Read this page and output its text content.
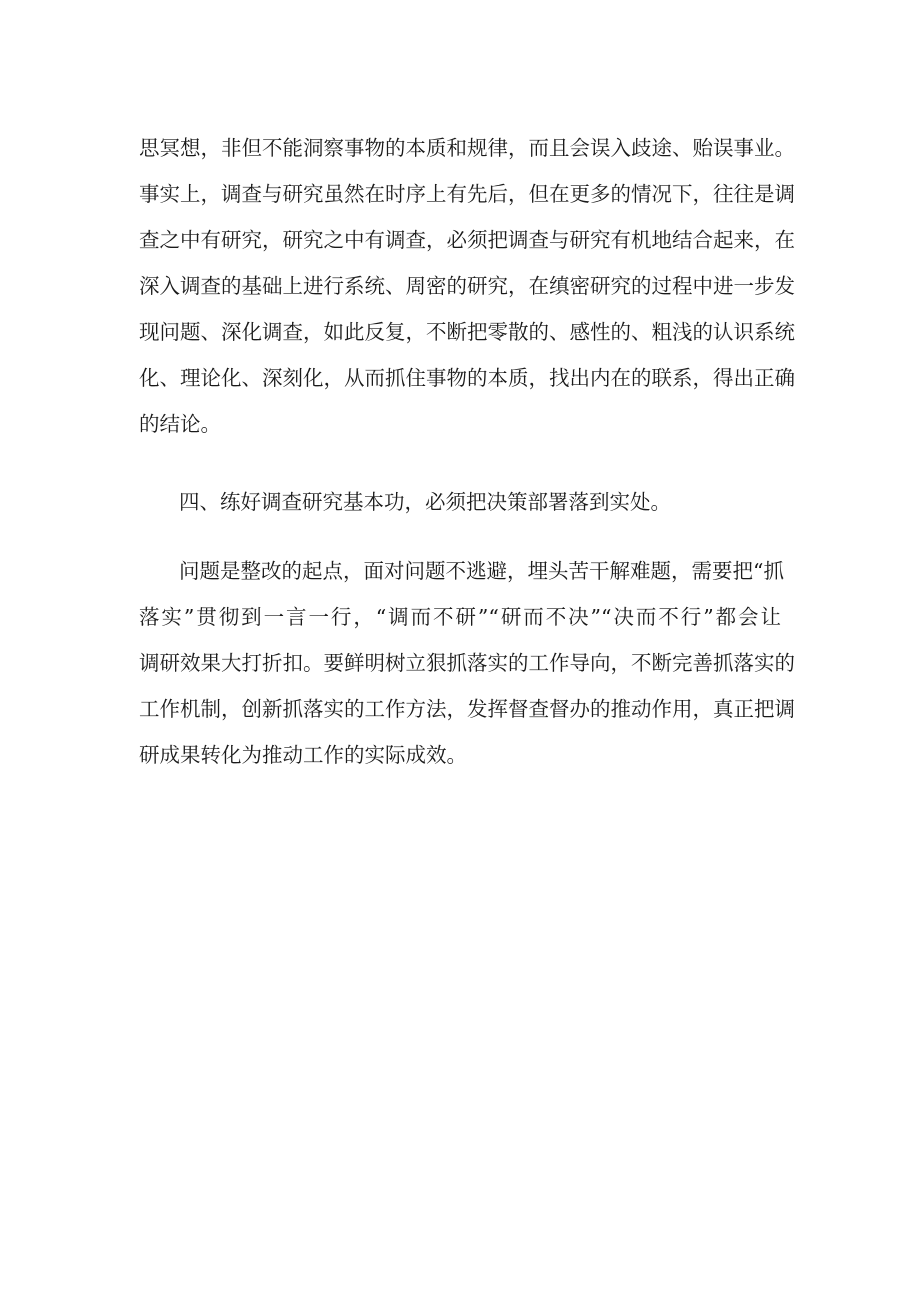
思冥想，非但不能洞察事物的本质和规律，而且会误入歧途、贻误事业。
事实上，调查与研究虽然在时序上有先后，但在更多的情况下，往往是调
查之中有研究，研究之中有调查，必须把调查与研究有机地结合起来，在
深入调查的基础上进行系统、周密的研究，在缜密研究的过程中进一步发
现问题、深化调查，如此反复，不断把零散的、感性的、粗浅的认识系统
化、理论化、深刻化，从而抓住事物的本质，找出内在的联系，得出正确
的结论。
四、练好调查研究基本功，必须把决策部署落到实处。
问题是整改的起点，面对问题不逃避，埋头苦干解难题，需要把“抓
落实”贯彻到一言一行，“调而不研”“研而不决”“决而不行”都会让
调研效果大打折扣。要鲜明树立狠抓落实的工作导向，不断完善抓落实的
工作机制，创新抓落实的工作方法，发挥督查督办的推动作用，真正把调
研成果转化为推动工作的实际成效。
